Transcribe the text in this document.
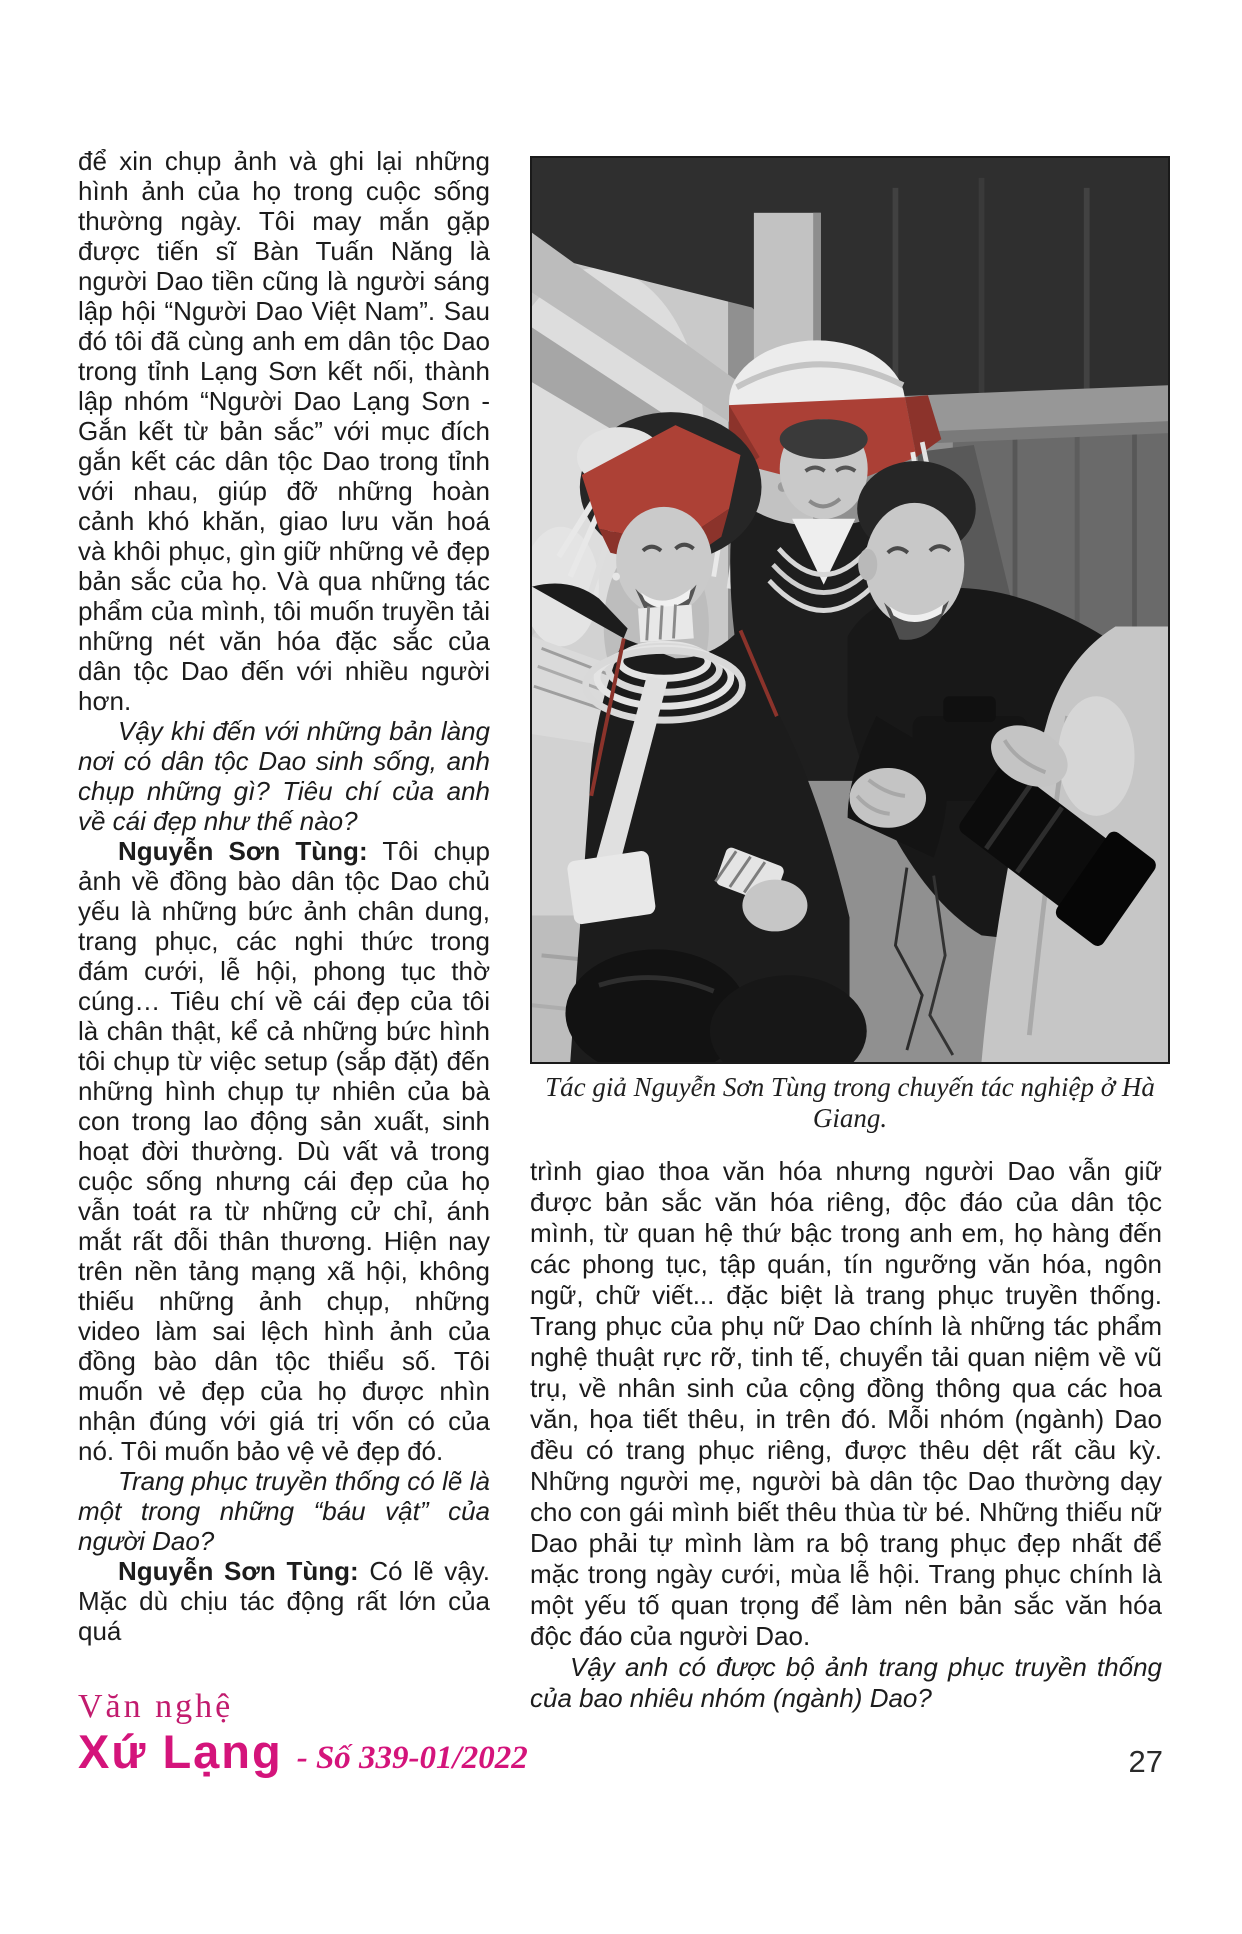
để xin chụp ảnh và ghi lại những hình ảnh của họ trong cuộc sống thường ngày. Tôi may mắn gặp được tiến sĩ Bàn Tuấn Năng là người Dao tiền cũng là người sáng lập hội “Người Dao Việt Nam”. Sau đó tôi đã cùng anh em dân tộc Dao trong tỉnh Lạng Sơn kết nối, thành lập nhóm “Người Dao Lạng Sơn - Gắn kết từ bản sắc” với mục đích gắn kết các dân tộc Dao trong tỉnh với nhau, giúp đỡ những hoàn cảnh khó khăn, giao lưu văn hoá và khôi phục, gìn giữ những vẻ đẹp bản sắc của họ. Và qua những tác phẩm của mình, tôi muốn truyền tải những nét văn hóa đặc sắc của dân tộc Dao đến với nhiều người hơn.

Vậy khi đến với những bản làng nơi có dân tộc Dao sinh sống, anh chụp những gì? Tiêu chí của anh về cái đẹp như thế nào?

Nguyễn Sơn Tùng: Tôi chụp ảnh về đồng bào dân tộc Dao chủ yếu là những bức ảnh chân dung, trang phục, các nghi thức trong đám cưới, lễ hội, phong tục thờ cúng… Tiêu chí về cái đẹp của tôi là chân thật, kể cả những bức hình tôi chụp từ việc setup (sắp đặt) đến những hình chụp tự nhiên của bà con trong lao động sản xuất, sinh hoạt đời thường. Dù vất vả trong cuộc sống nhưng cái đẹp của họ vẫn toát ra từ những cử chỉ, ánh mắt rất đỗi thân thương. Hiện nay trên nền tảng mạng xã hội, không thiếu những ảnh chụp, những video làm sai lệch hình ảnh của đồng bào dân tộc thiểu số. Tôi muốn vẻ đẹp của họ được nhìn nhận đúng với giá trị vốn có của nó. Tôi muốn bảo vệ vẻ đẹp đó.

Trang phục truyền thống có lẽ là một trong những “báu vật” của người Dao?

Nguyễn Sơn Tùng: Có lẽ vậy. Mặc dù chịu tác động rất lớn của quá

Tác giả Nguyễn Sơn Tùng trong chuyến tác nghiệp ở Hà Giang.

trình giao thoa văn hóa nhưng người Dao vẫn giữ được bản sắc văn hóa riêng, độc đáo của dân tộc mình, từ quan hệ thứ bậc trong anh em, họ hàng đến các phong tục, tập quán, tín ngưỡng văn hóa, ngôn ngữ, chữ viết... đặc biệt là trang phục truyền thống. Trang phục của phụ nữ Dao chính là những tác phẩm nghệ thuật rực rỡ, tinh tế, chuyển tải quan niệm về vũ trụ, về nhân sinh của cộng đồng thông qua các hoa văn, họa tiết thêu, in trên đó. Mỗi nhóm (ngành) Dao đều có trang phục riêng, được thêu dệt rất cầu kỳ. Những người mẹ, người bà dân tộc Dao thường dạy cho con gái mình biết thêu thùa từ bé. Những thiếu nữ Dao phải tự mình làm ra bộ trang phục đẹp nhất để mặc trong ngày cưới, mùa lễ hội. Trang phục chính là một yếu tố quan trọng để làm nên bản sắc văn hóa độc đáo của người Dao.

Vậy anh có được bộ ảnh trang phục truyền thống của bao nhiêu nhóm (ngành) Dao?

Văn nghệ
Xứ Lạng - Số 339-01/2022	27
